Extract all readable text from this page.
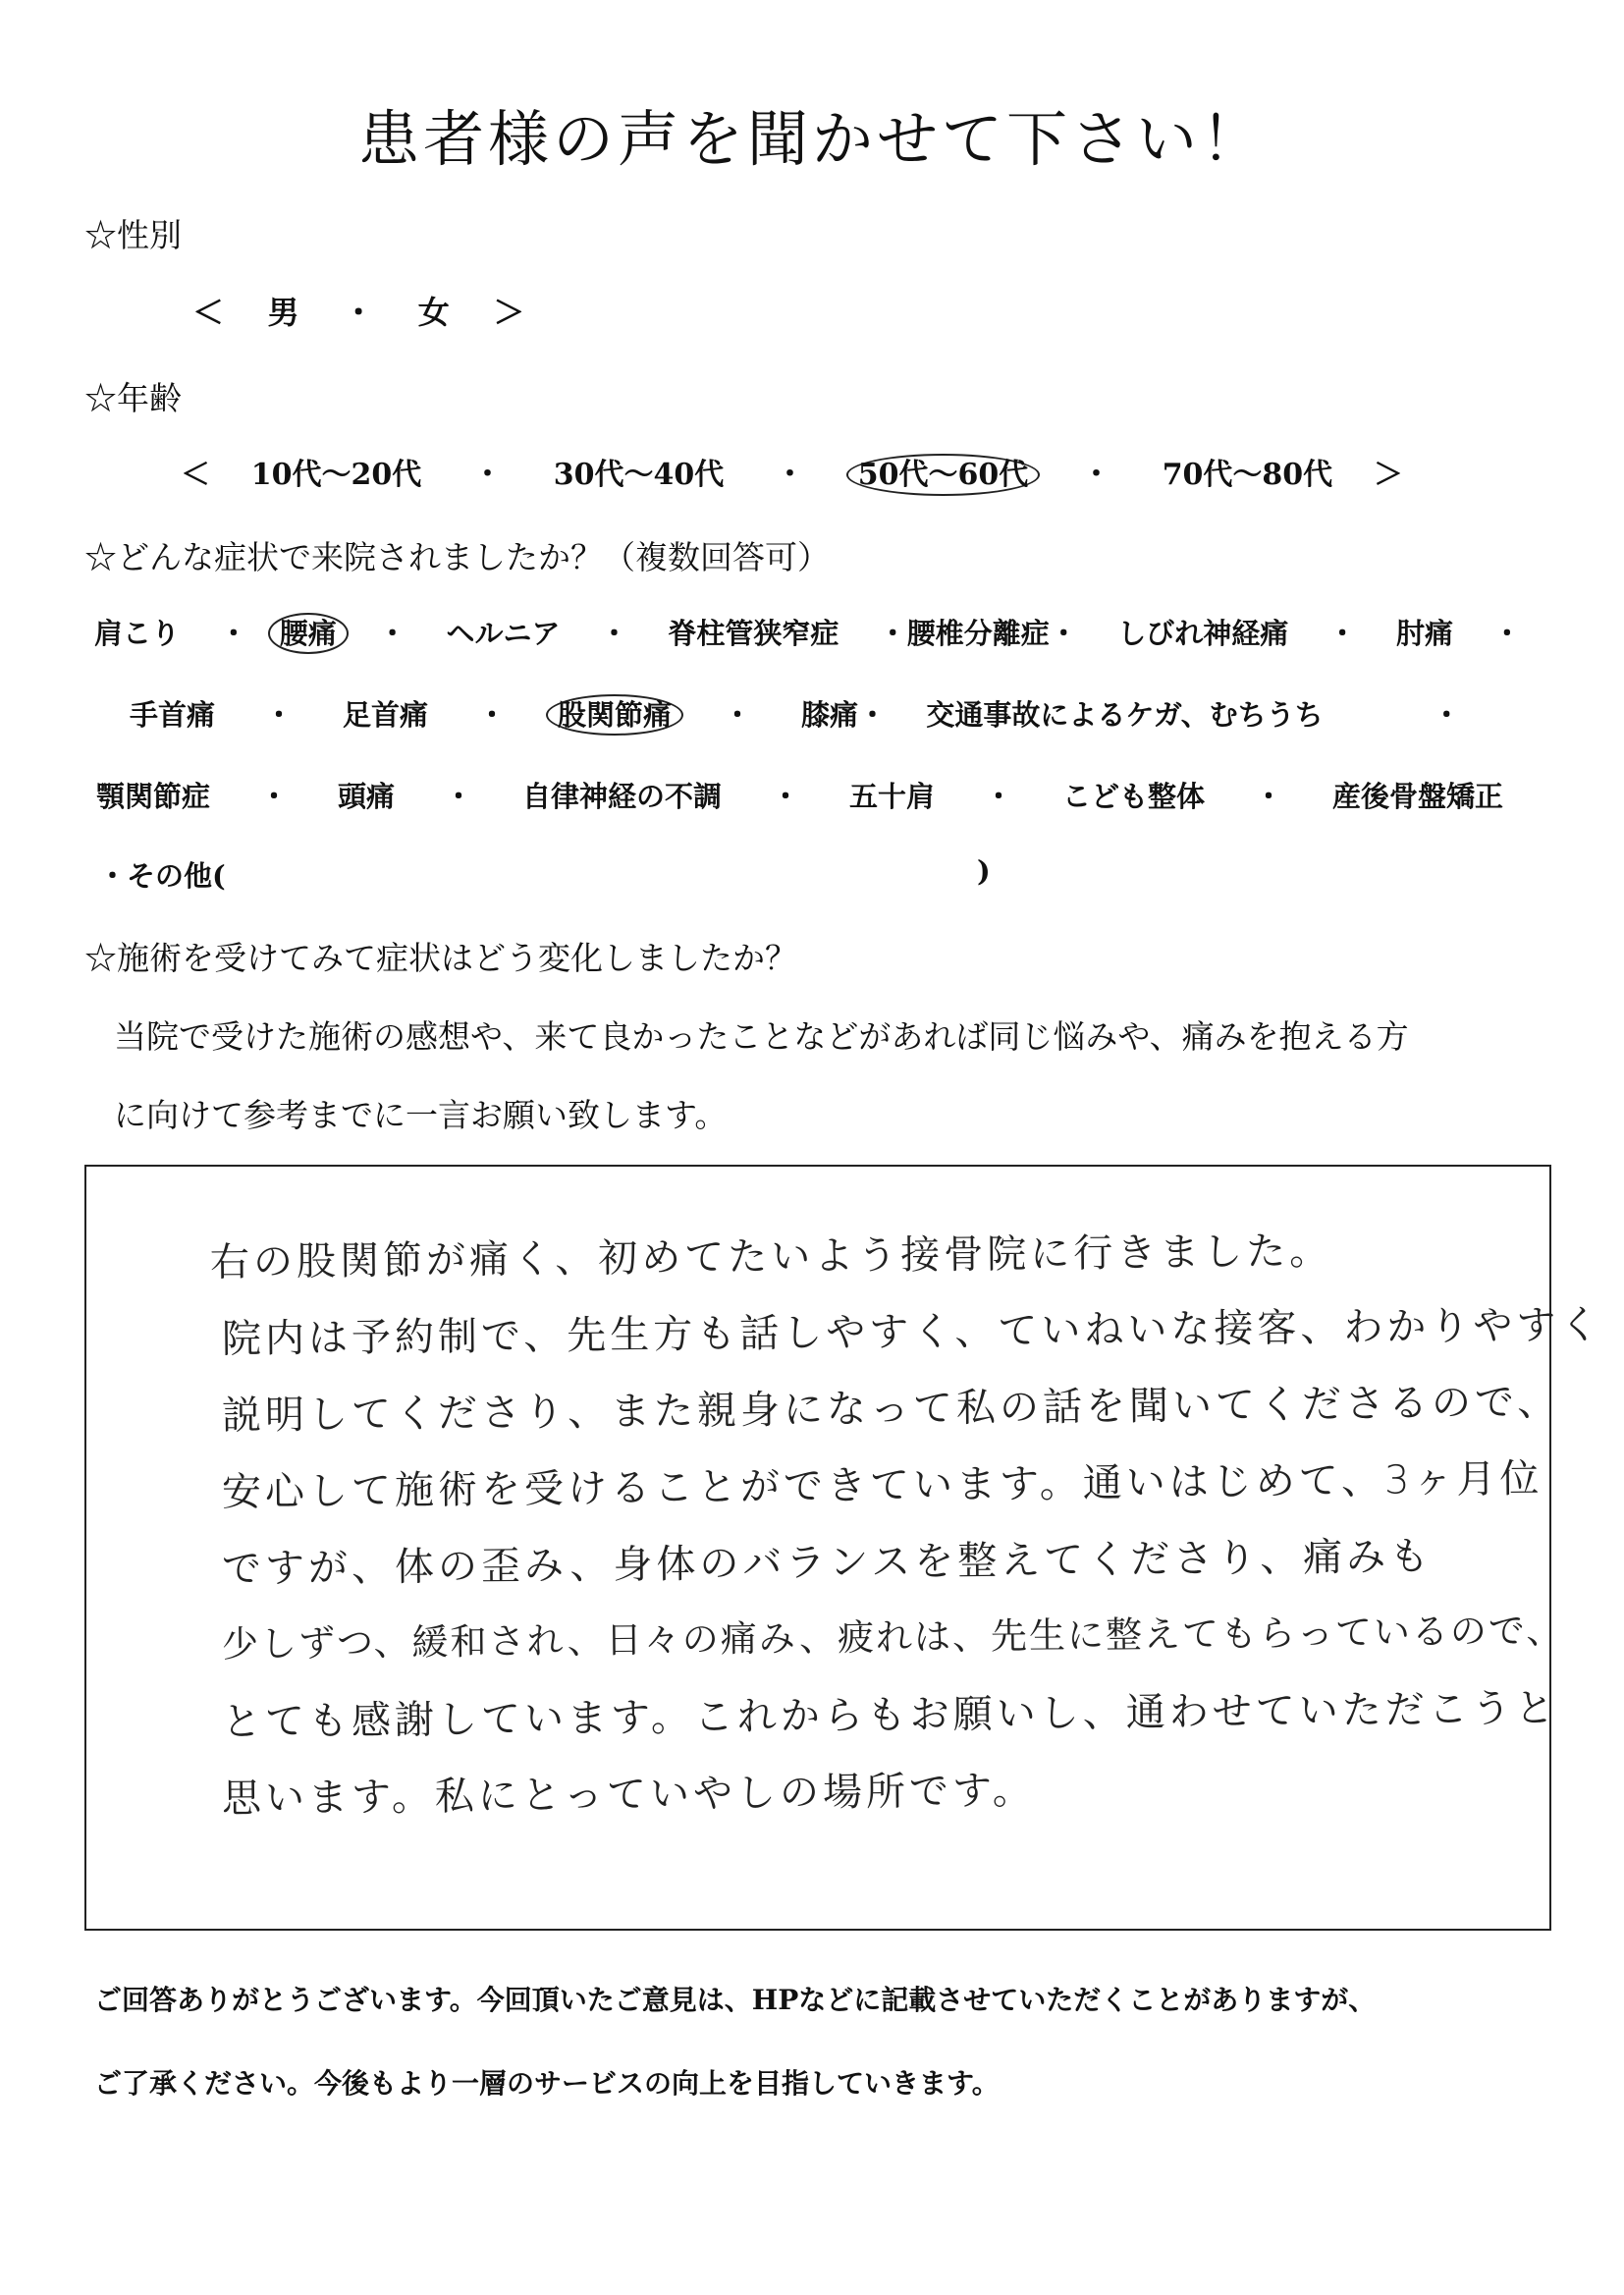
患者様の声を聞かせて下さい！
☆性別
＜ 男 ・ 女 ＞
☆年齢
＜ 10代～20代 ・ 30代～40代 ・ 50代～60代 ・ 70代～80代 ＞
☆どんな症状で来院されましたか？（複数回答可）
肩こり ・ 腰痛 ・ ヘルニア ・ 脊柱管狭窄症 ・腰椎分離症・ しびれ神経痛 ・ 肘痛 ・
手首痛 ・ 足首痛 ・ 股関節痛 ・ 膝痛・ 交通事故によるケガ、むちうち	・
顎関節症 ・ 頭痛 ・ 自律神経の不調 ・ 五十肩 ・ こども整体 ・ 産後骨盤矯正
・その他(	)
☆施術を受けてみて症状はどう変化しましたか？
当院で受けた施術の感想や、来て良かったことなどがあれば同じ悩みや、痛みを抱える方
に向けて参考までに一言お願い致します。
右の股関節が痛く、初めてたいよう接骨院に行きました。
院内は予約制で、先生方も話しやすく、ていねいな接客、わかりやすく
説明してくださり、また親身になって私の話を聞いてくださるので、
安心して施術を受けることができています。通いはじめて、3ヶ月位
ですが、体の歪み、身体のバランスを整えてくださり、痛みも
少しずつ、緩和され、日々の痛み、疲れは、先生に整えてもらっているので、
とても感謝しています。これからもお願いし、通わせていただこうと
思います。私にとっていやしの場所です。
ご回答ありがとうございます。今回頂いたご意見は、HPなどに記載させていただくことがありますが、
ご了承ください。今後もより一層のサービスの向上を目指していきます。
